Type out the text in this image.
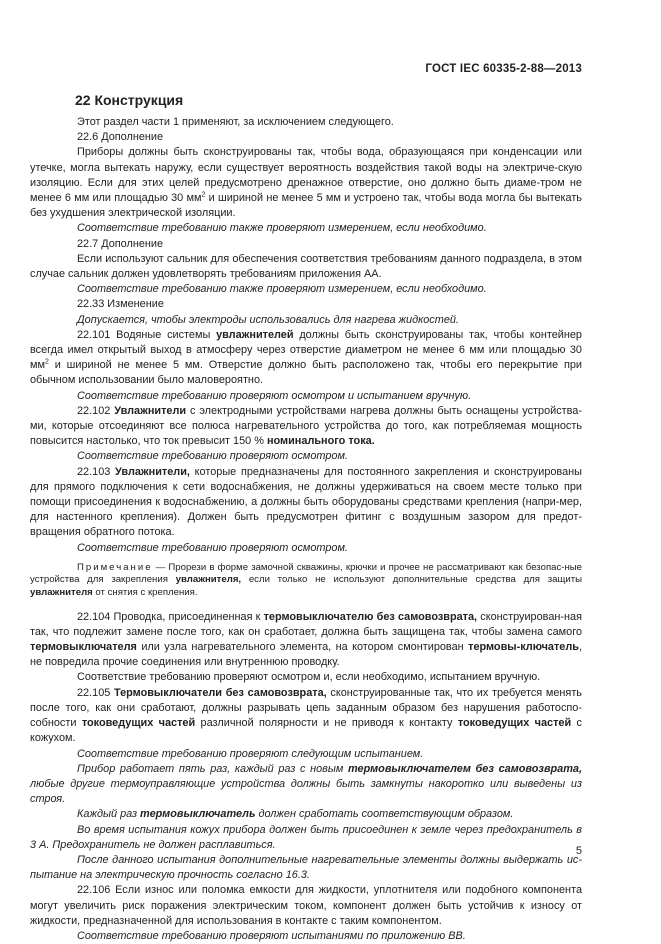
ГОСТ IEC 60335-2-88—2013
22 Конструкция

Этот раздел части 1 применяют, за исключением следующего.

22.6 Дополнение

Приборы должны быть сконструированы так, чтобы вода, образующаяся при конденсации или утечке, могла вытекать наружу, если существует вероятность воздействия такой воды на электриче-скую изоляцию. Если для этих целей предусмотрено дренажное отверстие, оно должно быть диаме-тром не менее 6 мм или площадью 30 $мм^2$ и шириной не менее 5 мм и устроено так, чтобы вода могла бы вытекать без ухудшения электрической изоляции.

Соответствие требованию также проверяют измерением, если необходимо.

22.7 Дополнение

Если используют сальник для обеспечения соответствия требованиям данного подраздела, в этом случае сальник должен удовлетворять требованиям приложения АА.

Соответствие требованию также проверяют измерением, если необходимо.

22.33 Изменение

Допускается, чтобы электроды использовались для нагрева жидкостей.

22.101 Водяные системы увлажнителей должны быть сконструированы так, чтобы контейнер всегда имел открытый выход в атмосферу через отверстие диаметром не менее 6 мм или площадью 30 $мм^2$ и шириной не менее 5 мм. Отверстие должно быть расположено так, чтобы его перекрытие при обычном использовании было маловероятно.

Соответствие требованию проверяют осмотром и испытанием вручную.

22.102 Увлажнители с электродными устройствами нагрева должны быть оснащены устройства-ми, которые отсоединяют все полюса нагревательного устройства до того, как потребляемая мощность повысится настолько, что ток превысит 150 % номинального тока.

Соответствие требованию проверяют осмотром.

22.103 Увлажнители, которые предназначены для постоянного закрепления и сконструированы для прямого подключения к сети водоснабжения, не должны удерживаться на своем месте только при помощи присоединения к водоснабжению, а должны быть оборудованы средствами крепления (напри-мер, для настенного крепления). Должен быть предусмотрен фитинг с воздушным зазором для предот-вращения обратного потока.

Соответствие требованию проверяют осмотром.

Примечание — Прорези в форме замочной скважины, крючки и прочее не рассматривают как безопас-ные устройства для закрепления увлажнителя, если только не используют дополнительные средства для защиты увлажнителя от снятия с крепления.

22.104 Проводка, присоединенная к термовыключателю без самовозврата, сконструирован-ная так, что подлежит замене после того, как он сработает, должна быть защищена так, чтобы замена самого термовыключателя или узла нагревательного элемента, на котором смонтирован термовы-ключатель, не повредила прочие соединения или внутреннюю проводку.

Соответствие требованию проверяют осмотром и, если необходимо, испытанием вручную.

22.105 Термовыключатели без самовозврата, сконструированные так, что их требуется менять после того, как они сработают, должны разрывать цепь заданным образом без нарушения работоспо-собности токоведущих частей различной полярности и не приводя к контакту токоведущих частей с кожухом.

Соответствие требованию проверяют следующим испытанием.

Прибор работает пять раз, каждый раз с новым термовыключателем без самовозврата, любые другие термоуправляющие устройства должны быть замкнуты накоротко или выведены из строя.

Каждый раз термовыключатель должен сработать соответствующим образом.

Во время испытания кожух прибора должен быть присоединен к земле через предохранитель в 3 А. Предохранитель не должен расплавиться.

После данного испытания дополнительные нагревательные элементы должны выдержать ис-пытание на электрическую прочность согласно 16.3.

22.106 Если износ или поломка емкости для жидкости, уплотнителя или подобного компонента могут увеличить риск поражения электрическим током, компонент должен быть устойчив к износу от жидкости, предназначенной для использования в контакте с таким компонентом.

Соответствие требованию проверяют испытаниями по приложению ВВ.

5
